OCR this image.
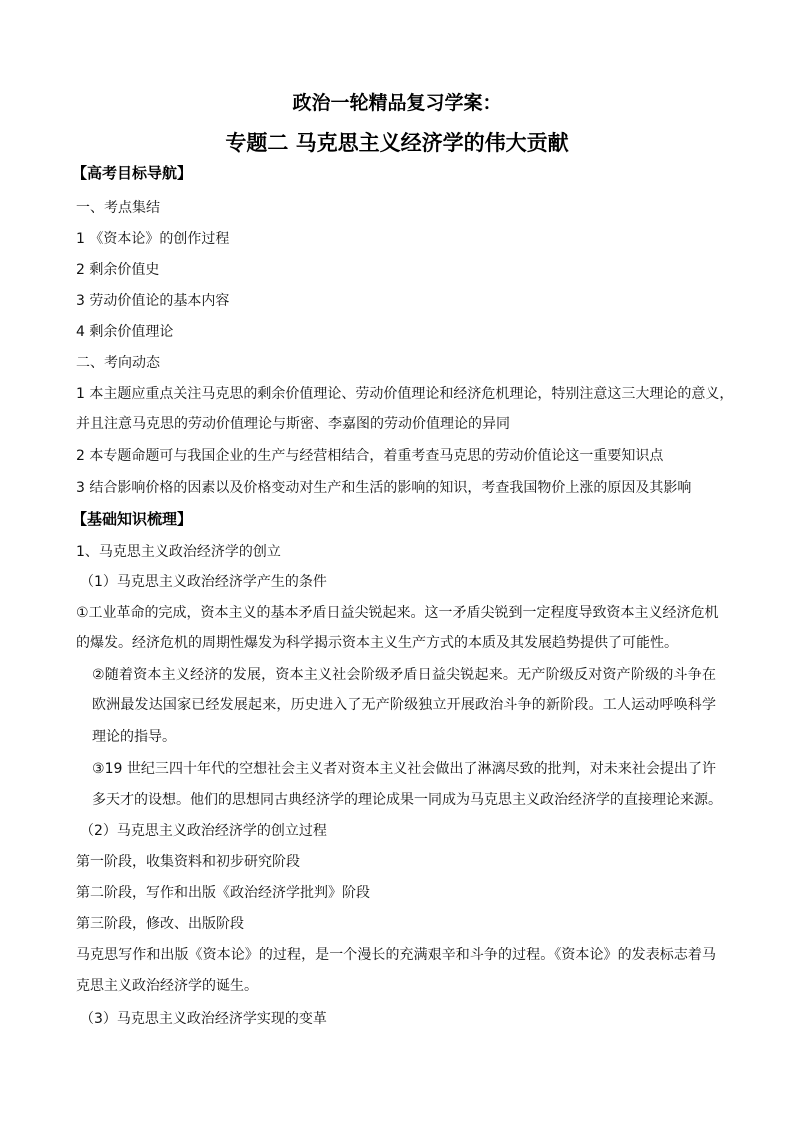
政治一轮精品复习学案：
专题二 马克思主义经济学的伟大贡献
【高考目标导航】
一、考点集结
1 《资本论》的创作过程
2 剩余价值史
3 劳动价值论的基本内容
4 剩余价值理论
二、考向动态
1 本主题应重点关注马克思的剩余价值理论、劳动价值理论和经济危机理论，特别注意这三大理论的意义，
并且注意马克思的劳动价值理论与斯密、李嘉图的劳动价值理论的异同
2 本专题命题可与我国企业的生产与经营相结合，着重考查马克思的劳动价值论这一重要知识点
3 结合影响价格的因素以及价格变动对生产和生活的影响的知识，考查我国物价上涨的原因及其影响
【基础知识梳理】
1、马克思主义政治经济学的创立
（1）马克思主义政治经济学产生的条件
①工业革命的完成，资本主义的基本矛盾日益尖锐起来。这一矛盾尖锐到一定程度导致资本主义经济危机
的爆发。经济危机的周期性爆发为科学揭示资本主义生产方式的本质及其发展趋势提供了可能性。
②随着资本主义经济的发展，资本主义社会阶级矛盾日益尖锐起来。无产阶级反对资产阶级的斗争在
欧洲最发达国家已经发展起来，历史进入了无产阶级独立开展政治斗争的新阶段。工人运动呼唤科学
理论的指导。
③19 世纪三四十年代的空想社会主义者对资本主义社会做出了淋漓尽致的批判，对未来社会提出了许
多天才的设想。他们的思想同古典经济学的理论成果一同成为马克思主义政治经济学的直接理论来源。
（2）马克思主义政治经济学的创立过程
第一阶段，收集资料和初步研究阶段
第二阶段，写作和出版《政治经济学批判》阶段
第三阶段，修改、出版阶段
马克思写作和出版《资本论》的过程，是一个漫长的充满艰辛和斗争的过程。《资本论》的发表标志着马
克思主义政治经济学的诞生。
（3）马克思主义政治经济学实现的变革
